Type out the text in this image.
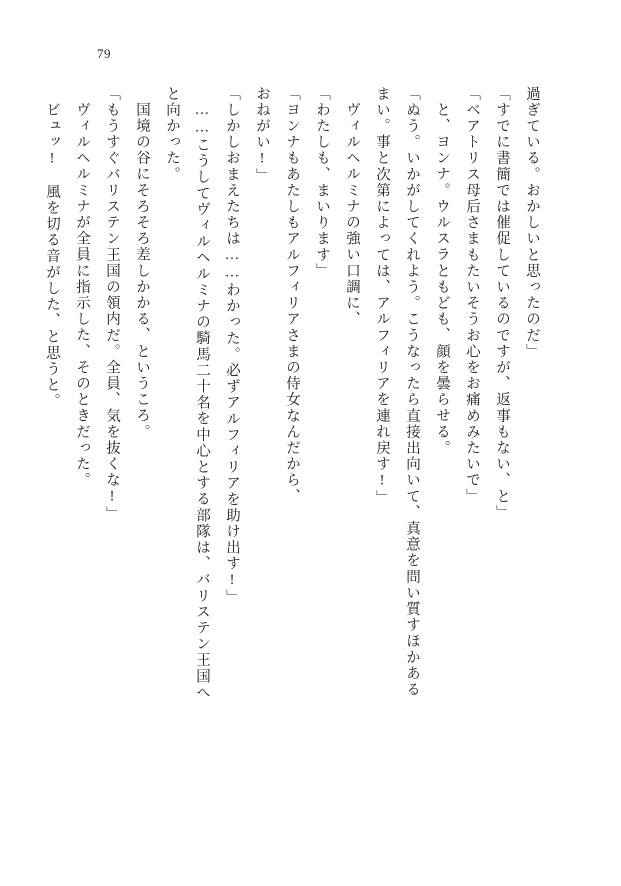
79
過ぎている。おかしいと思ったのだ」
「すでに書簡では催促しているのですが、返事もない、と」
「ベアトリス母后さまもたいそうお心をお痛めみたいで」
と、ヨンナ。ウルスラともども、顔を曇らせる。
「ぬう。いかがしてくれよう。こうなったら直接出向いて、真意を問い質すほかある
まい。事と次第によっては、アルフィリアを連れ戻す!」
ヴィルヘルミナの強い口調に、
「わたしも、まいります」
「ヨンナもあたしもアルフィリアさまの侍女なんだから、
おねがい!」
「しかしおまえたちは……わかった。必ずアルフィリアを助け出す!」
……こうしてヴィルヘルミナの騎馬二十名を中心とする部隊は、バリステン王国へ
と向かった。
国境の谷にそろそろ差しかかる、というころ。
「もうすぐバリステン王国の領内だ。全員、気を抜くな!」
ヴィルヘルミナが全員に指示した、そのときだった。
ビュッ!　風を切る音がした、と思うと。
